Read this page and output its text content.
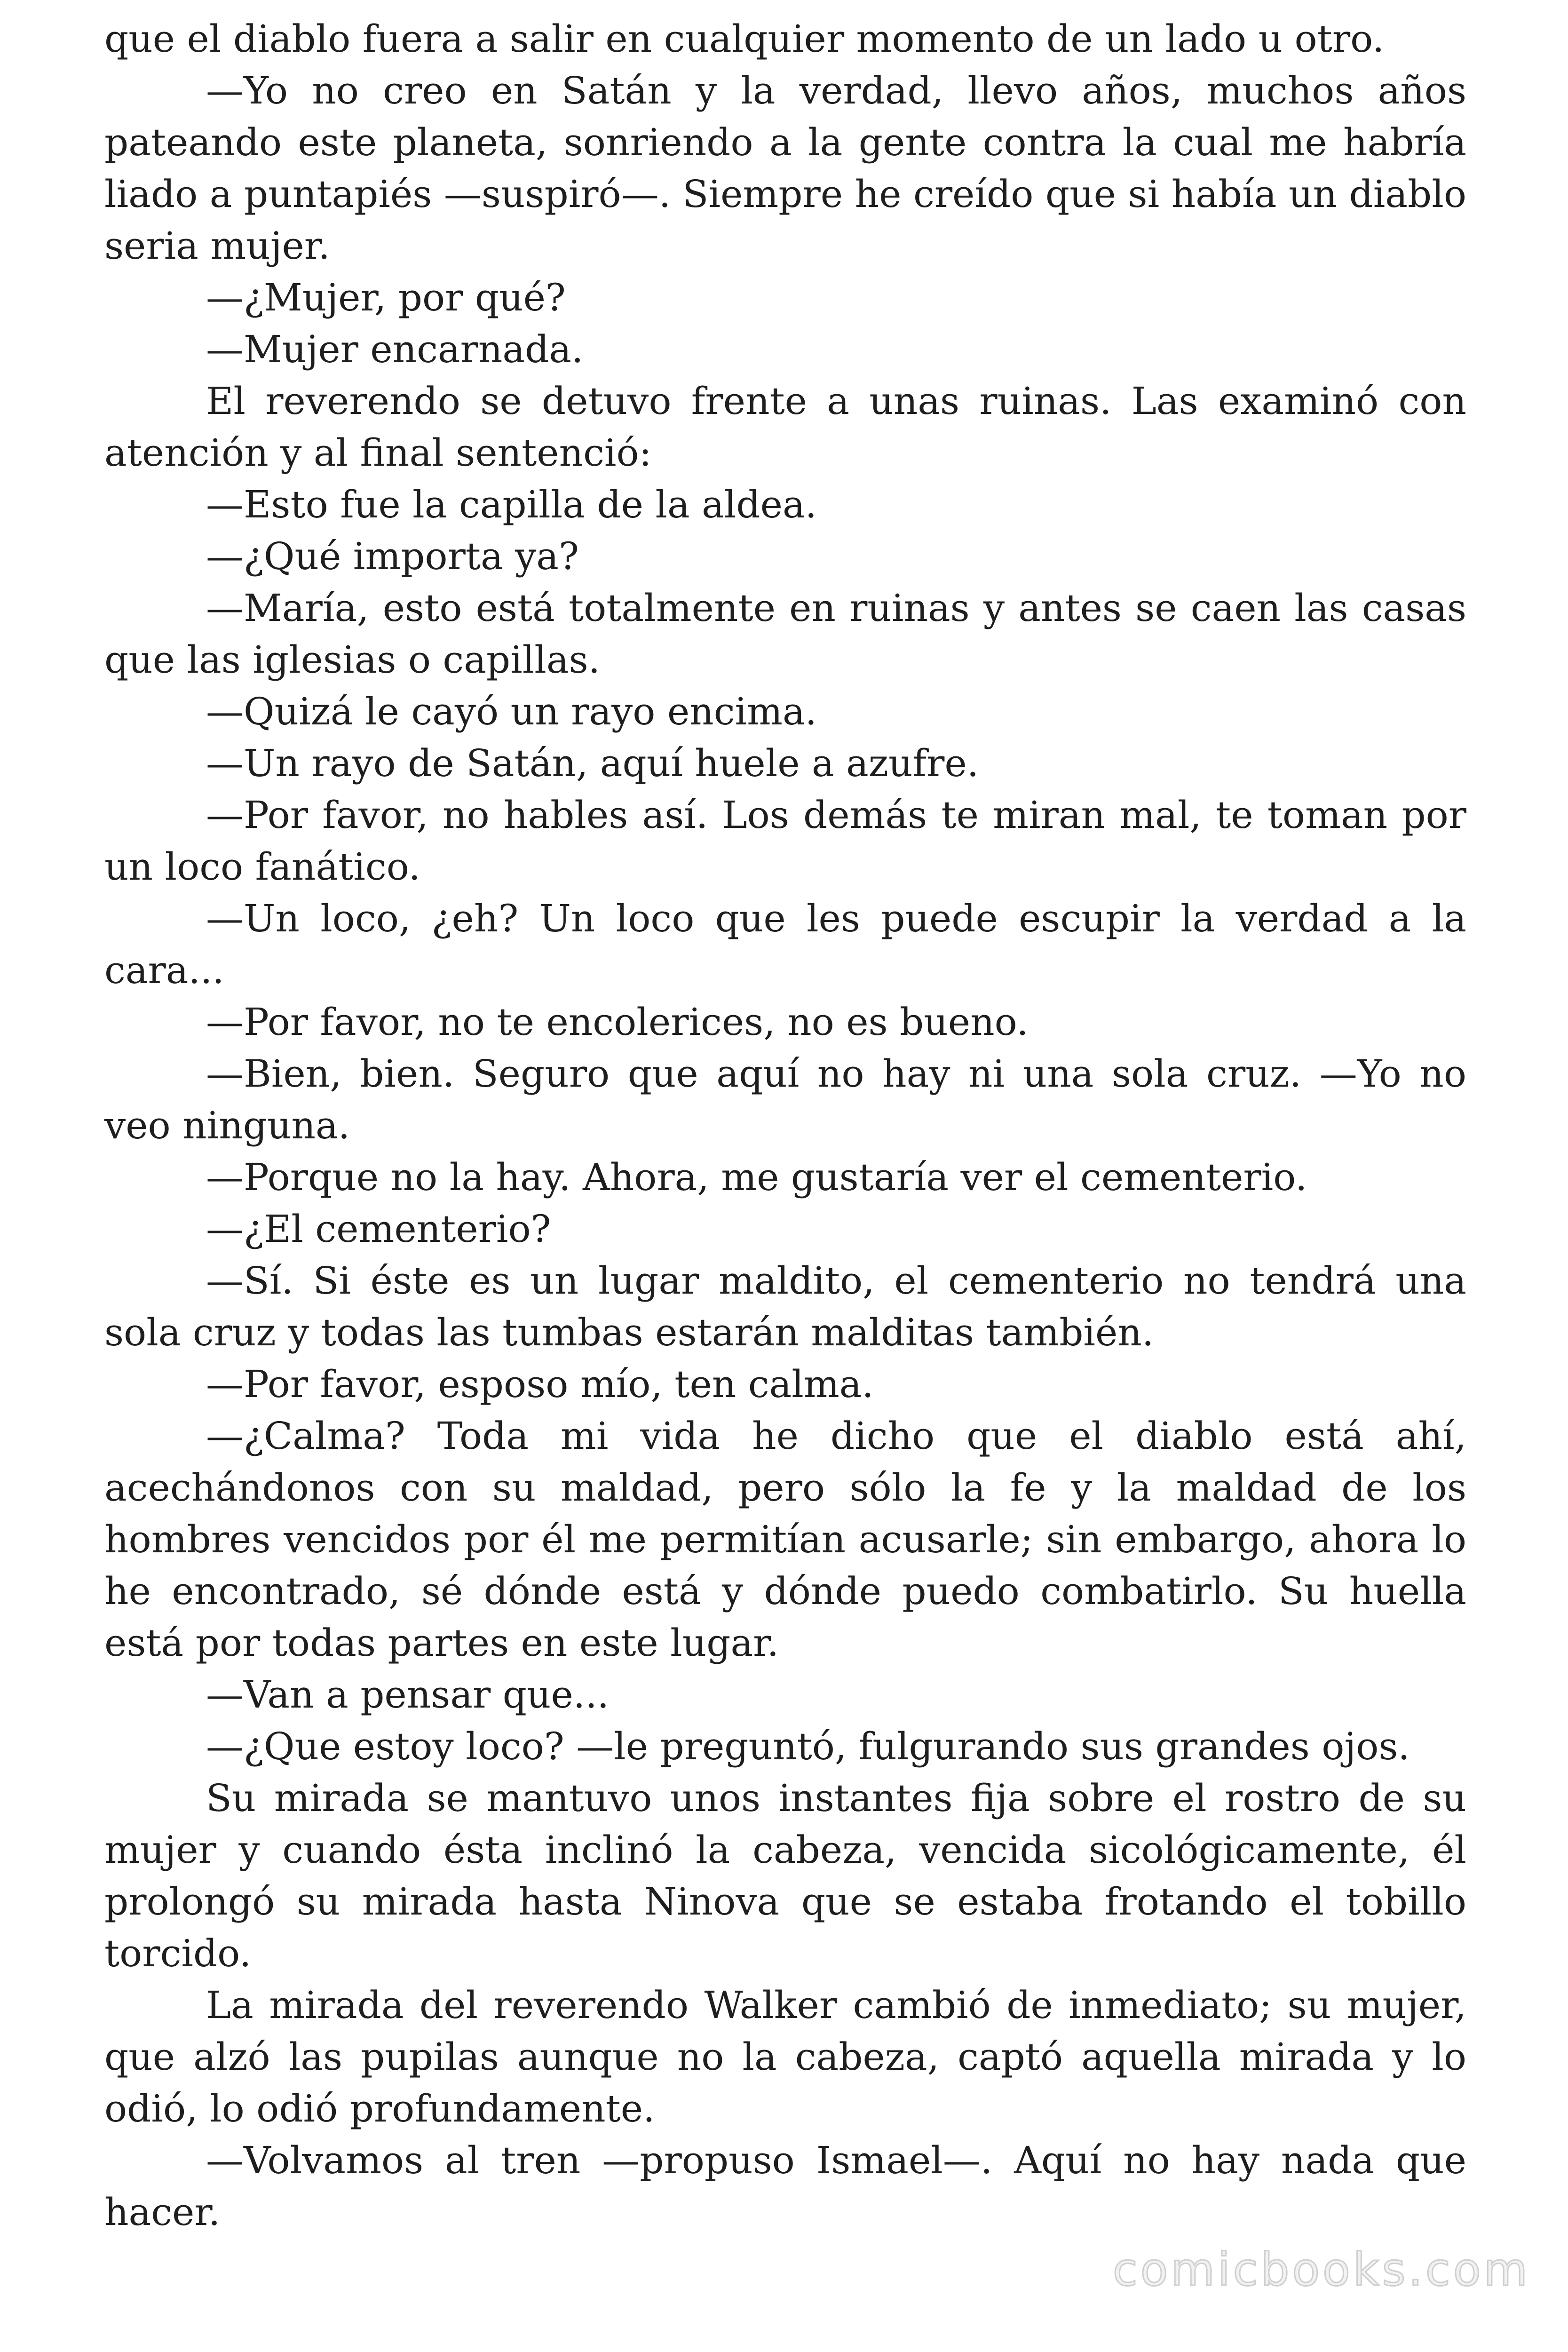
que el diablo fuera a salir en cualquier momento de un lado u otro.

—Yo no creo en Satán y la verdad, llevo años, muchos años pateando este planeta, sonriendo a la gente contra la cual me habría liado a puntapiés —suspiró—. Siempre he creído que si había un diablo seria mujer.

—¿Mujer, por qué?

—Mujer encarnada.

El reverendo se detuvo frente a unas ruinas. Las examinó con atención y al final sentenció:

—Esto fue la capilla de la aldea.

—¿Qué importa ya?

—María, esto está totalmente en ruinas y antes se caen las casas que las iglesias o capillas.

—Quizá le cayó un rayo encima.

—Un rayo de Satán, aquí huele a azufre.

—Por favor, no hables así. Los demás te miran mal, te toman por un loco fanático.

—Un loco, ¿eh? Un loco que les puede escupir la verdad a la cara...

—Por favor, no te encolerices, no es bueno.

—Bien, bien. Seguro que aquí no hay ni una sola cruz. —Yo no veo ninguna.

—Porque no la hay. Ahora, me gustaría ver el cementerio.

—¿El cementerio?

—Sí. Si éste es un lugar maldito, el cementerio no tendrá una sola cruz y todas las tumbas estarán malditas también.

—Por favor, esposo mío, ten calma.

—¿Calma? Toda mi vida he dicho que el diablo está ahí, acechándonos con su maldad, pero sólo la fe y la maldad de los hombres vencidos por él me permitían acusarle; sin embargo, ahora lo he encontrado, sé dónde está y dónde puedo combatirlo. Su huella está por todas partes en este lugar.

—Van a pensar que...

—¿Que estoy loco? —le preguntó, fulgurando sus grandes ojos.

Su mirada se mantuvo unos instantes fija sobre el rostro de su mujer y cuando ésta inclinó la cabeza, vencida sicológicamente, él prolongó su mirada hasta Ninova que se estaba frotando el tobillo torcido.

La mirada del reverendo Walker cambió de inmediato; su mujer, que alzó las pupilas aunque no la cabeza, captó aquella mirada y lo odió, lo odió profundamente.

—Volvamos al tren —propuso Ismael—. Aquí no hay nada que hacer.

comicbooks.com
